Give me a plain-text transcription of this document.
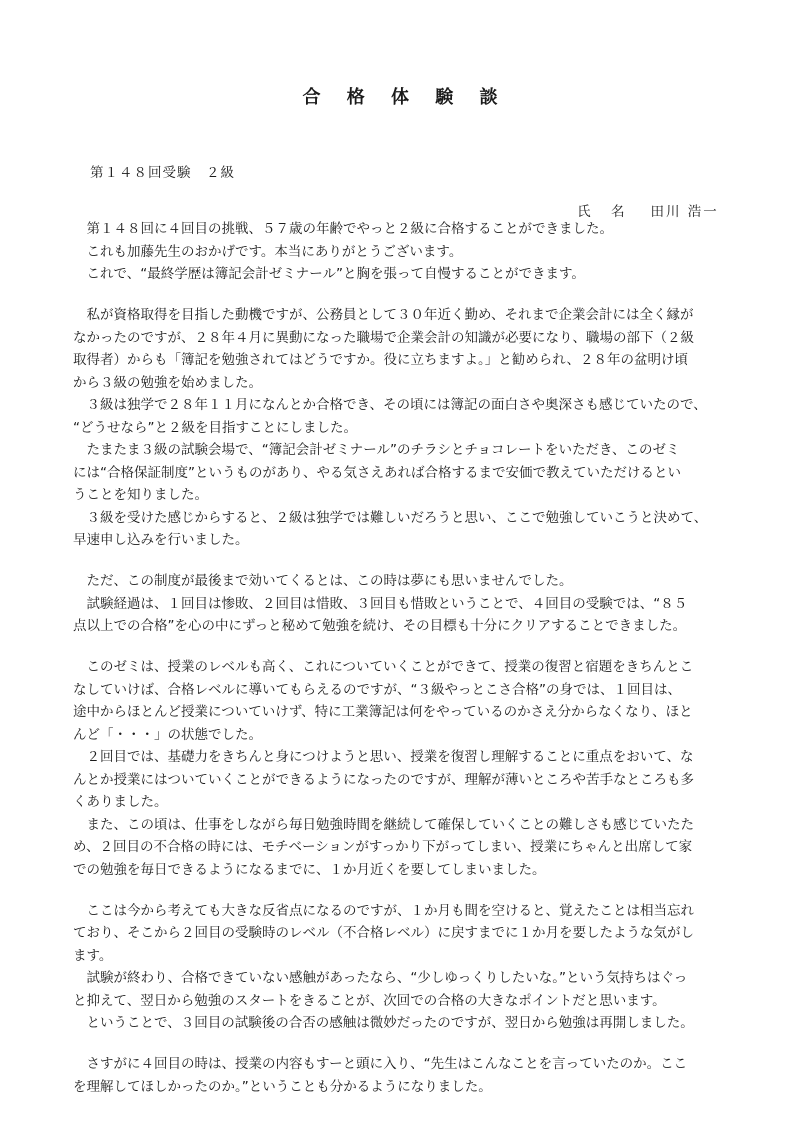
合 格 体 験 談
第１４８回受験　２級

氏 名 田川 浩一

　第１４８回に４回目の挑戦、５７歳の年齢でやっと２級に合格することができました。
　これも加藤先生のおかげです。本当にありがとうございます。
　これで、“最終学歴は簿記会計ゼミナール”と胸を張って自慢することができます。
　私が資格取得を目指した動機ですが、公務員として３０年近く勤め、それまで企業会計には全く縁が
なかったのですが、２８年４月に異動になった職場で企業会計の知識が必要になり、職場の部下（２級
取得者）からも「簿記を勉強されてはどうですか。役に立ちますよ。」と勧められ、２８年の盆明け頃
から３級の勉強を始めました。
　３級は独学で２８年１１月になんとか合格でき、その頃には簿記の面白さや奥深さも感じていたので、
“どうせなら”と２級を目指すことにしました。
　たまたま３級の試験会場で、“簿記会計ゼミナール”のチラシとチョコレートをいただき、このゼミ
には“合格保証制度”というものがあり、やる気さえあれば合格するまで安価で教えていただけるとい
うことを知りました。
　３級を受けた感じからすると、２級は独学では難しいだろうと思い、ここで勉強していこうと決めて、
早速申し込みを行いました。
　ただ、この制度が最後まで効いてくるとは、この時は夢にも思いませんでした。
　試験経過は、１回目は惨敗、２回目は惜敗、３回目も惜敗ということで、４回目の受験では、“８５
点以上での合格”を心の中にずっと秘めて勉強を続け、その目標も十分にクリアすることできました。
　このゼミは、授業のレベルも高く、これについていくことができて、授業の復習と宿題をきちんとこ
なしていけば、合格レベルに導いてもらえるのですが、“３級やっとこさ合格”の身では、１回目は、
途中からほとんど授業についていけず、特に工業簿記は何をやっているのかさえ分からなくなり、ほと
んど「・・・」の状態でした。
　２回目では、基礎力をきちんと身につけようと思い、授業を復習し理解することに重点をおいて、な
んとか授業にはついていくことができるようになったのですが、理解が薄いところや苦手なところも多
くありました。
　また、この頃は、仕事をしながら毎日勉強時間を継続して確保していくことの難しさも感じていたた
め、２回目の不合格の時には、モチベーションがすっかり下がってしまい、授業にちゃんと出席して家
での勉強を毎日できるようになるまでに、１か月近くを要してしまいました。
　ここは今から考えても大きな反省点になるのですが、１か月も間を空けると、覚えたことは相当忘れ
ており、そこから２回目の受験時のレベル（不合格レベル）に戻すまでに１か月を要したような気がし
ます。
　試験が終わり、合格できていない感触があったなら、“少しゆっくりしたいな。”という気持ちはぐっ
と抑えて、翌日から勉強のスタートをきることが、次回での合格の大きなポイントだと思います。
　ということで、３回目の試験後の合否の感触は微妙だったのですが、翌日から勉強は再開しました。
　さすがに４回目の時は、授業の内容もすーと頭に入り、“先生はこんなことを言っていたのか。ここ
を理解してほしかったのか。”ということも分かるようになりました。
